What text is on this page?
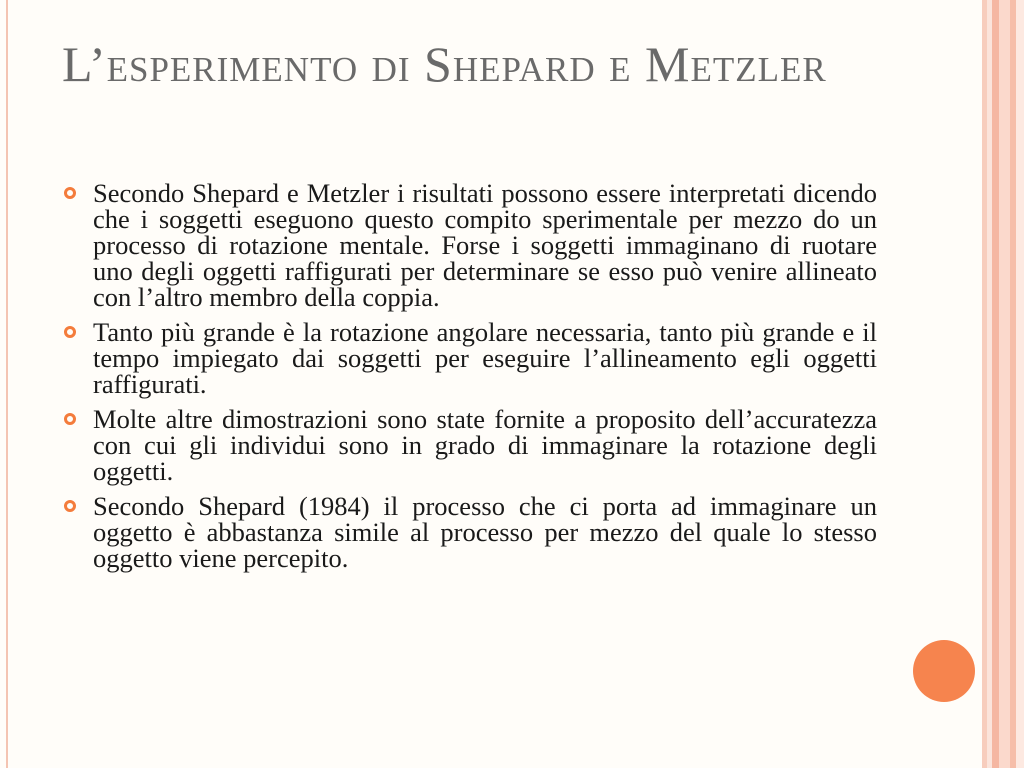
L’esperimento di Shepard e Metzler
Secondo Shepard e Metzler i risultati possono essere interpretati dicendo che i soggetti eseguono questo compito sperimentale per mezzo do un processo di rotazione mentale. Forse i soggetti immaginano di ruotare uno degli oggetti raffigurati per determinare se esso può venire allineato con l’altro membro della coppia.
Tanto più grande è la rotazione angolare necessaria, tanto più grande e il tempo impiegato dai soggetti per eseguire l’allineamento egli oggetti raffigurati.
Molte altre dimostrazioni sono state fornite a proposito dell’accuratezza con cui gli individui sono in grado di immaginare la rotazione degli oggetti.
Secondo Shepard (1984) il processo che ci porta ad immaginare un oggetto è abbastanza simile al processo per mezzo del quale lo stesso oggetto viene percepito.
